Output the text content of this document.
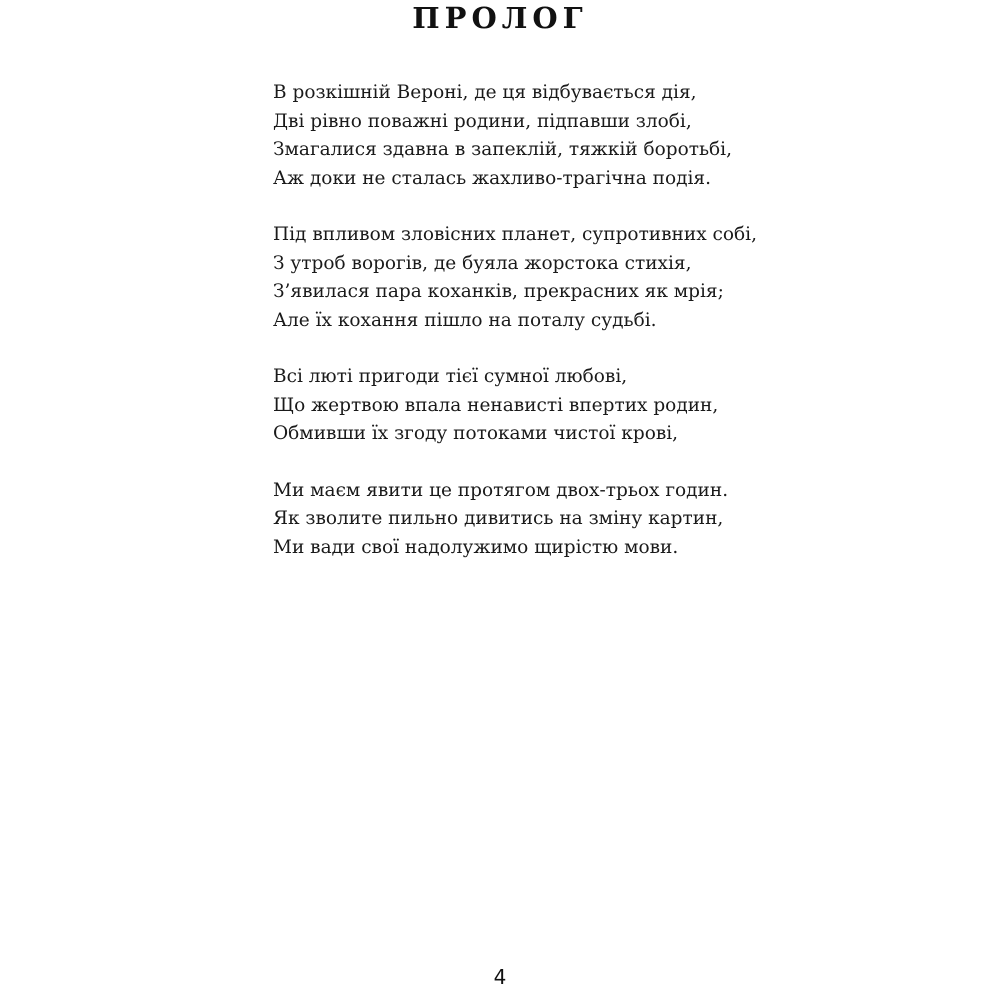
ПРОЛОГ
В розкішній Вероні, де ця відбувається дія,
Дві рівно поважні родини, підпавши злобі,
Змагалися здавна в запеклій, тяжкій боротьбі,
Аж доки не сталась жахливо-трагічна подія.
Під впливом зловісних планет, супротивних собі,
З утроб ворогів, де буяла жорстока стихія,
З’явилася пара коханків, прекрасних як мрія;
Але їх кохання пішло на поталу судьбі.
Всі люті пригоди тієї сумної любові,
Що жертвою впала ненависті впертих родин,
Обмивши їх згоду потоками чистої крові,
Ми маєм явити це протягом двох-трьох годин.
Як зволите пильно дивитись на зміну картин,
Ми вади свої надолужимо щирістю мови.
4
